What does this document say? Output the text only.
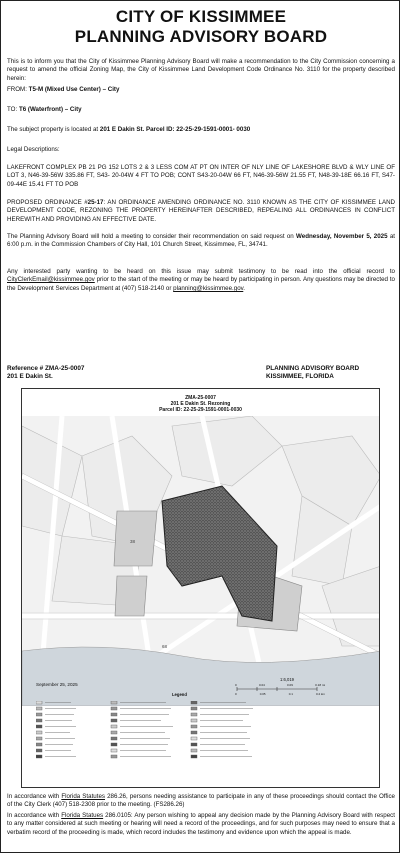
CITY OF KISSIMMEE
PLANNING ADVISORY BOARD
This is to inform you that the City of Kissimmee Planning Advisory Board will make a recommendation to the City Commission concerning a request to amend the official Zoning Map, the City of Kissimmee Land Development Code Ordinance No. 3110 for the property described herein:
FROM: T5-M (Mixed Use Center) – City
TO: T6 (Waterfront) – City
The subject property is located at 201 E Dakin St. Parcel ID: 22-25-29-1591-0001- 0030
Legal Descriptions:
LAKEFRONT COMPLEX PB 21 PG 152 LOTS 2 & 3 LESS COM AT PT ON INTER OF NLY LINE OF LAKESHORE BLVD & WLY LINE OF LOT 3, N46-39-56W 335.86 FT, S43- 20-04W 4 FT TO POB; CONT S43-20-04W 66 FT, N46-39-56W 21.55 FT, N48-39-18E 66.16 FT, S47-09-44E 15.41 FT TO POB
PROPOSED ORDINANCE #25-17: AN ORDINANCE AMENDING ORDINANCE NO. 3110 KNOWN AS THE CITY OF KISSIMMEE LAND DEVELOPMENT CODE, REZONING THE PROPERTY HEREINAFTER DESCRIBED, REPEALING ALL ORDINANCES IN CONFLICT HEREWITH AND PROVIDING AN EFFECTIVE DATE.
The Planning Advisory Board will hold a meeting to consider their recommendation on said request on Wednesday, November 5, 2025 at 6:00 p.m. in the Commission Chambers of City Hall, 101 Church Street, Kissimmee, FL, 34741.
Any interested party wanting to be heard on this issue may submit testimony to be read into the official record to CityClerkEmail@kissimmee.gov prior to the start of the meeting or may be heard by participating in person. Any questions may be directed to the Development Services Department at (407) 518-2140 or planning@kissimmee.gov.
Reference # ZMA-25-0007
201 E Dakin St.
PLANNING ADVISORY BOARD
KISSIMMEE, FLORIDA
ZMA-25-0007
201 E Dakin St. Rezoning
Parcel ID: 22-25-29-1591-0001-0030
.
68
38
September 25, 2025
1:6,019
0	0.04	0.09	0.18 mi
0	0.05	0.1	0.2 km
Legend
In accordance with Florida Statutes 286.26, persons needing assistance to participate in any of these proceedings should contact the Office of the City Clerk (407) 518-2308 prior to the meeting. (FS286.26)
In accordance with Florida Statues 286.0105: Any person wishing to appeal any decision made by the Planning Advisory Board with respect to any matter considered at such meeting or hearing will need a record of the proceedings, and for such purposes may need to ensure that a verbatim record of the proceeding is made, which record includes the testimony and evidence upon which the appeal is made.
